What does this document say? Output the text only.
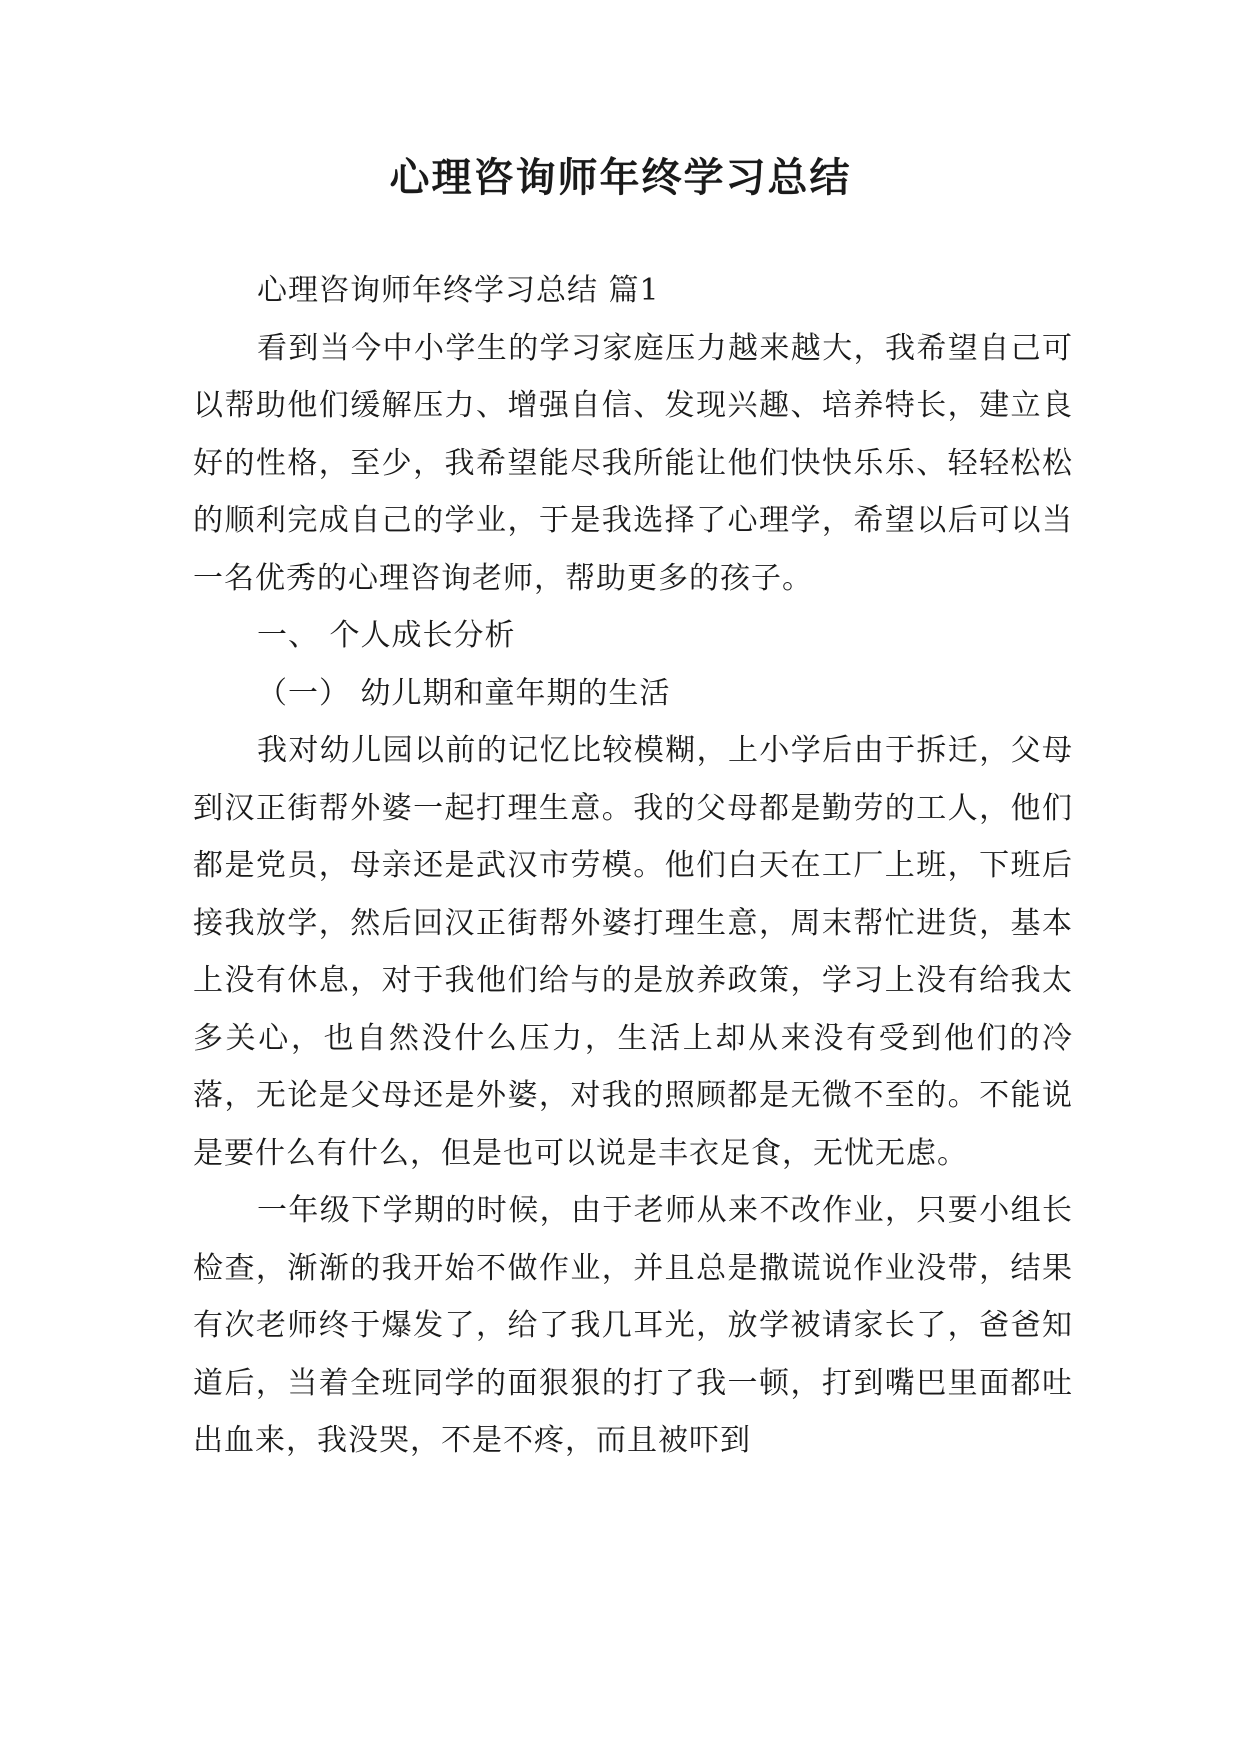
心理咨询师年终学习总结

心理咨询师年终学习总结 篇1

看到当今中小学生的学习家庭压力越来越大，我希望自己可以帮助他们缓解压力、增强自信、发现兴趣、培养特长，建立良好的性格，至少，我希望能尽我所能让他们快快乐乐、轻轻松松的顺利完成自己的学业，于是我选择了心理学，希望以后可以当一名优秀的心理咨询老师，帮助更多的孩子。

一、 个人成长分析

（一） 幼儿期和童年期的生活

我对幼儿园以前的记忆比较模糊，上小学后由于拆迁，父母到汉正街帮外婆一起打理生意。我的父母都是勤劳的工人，他们都是党员，母亲还是武汉市劳模。他们白天在工厂上班，下班后接我放学，然后回汉正街帮外婆打理生意，周末帮忙进货，基本上没有休息，对于我他们给与的是放养政策，学习上没有给我太多关心，也自然没什么压力，生活上却从来没有受到他们的冷落，无论是父母还是外婆，对我的照顾都是无微不至的。不能说是要什么有什么，但是也可以说是丰衣足食，无忧无虑。

一年级下学期的时候，由于老师从来不改作业，只要小组长检查，渐渐的我开始不做作业，并且总是撒谎说作业没带，结果有次老师终于爆发了，给了我几耳光，放学被请家长了，爸爸知道后，当着全班同学的面狠狠的打了我一顿，打到嘴巴里面都吐出血来，我没哭，不是不疼，而且被吓到
